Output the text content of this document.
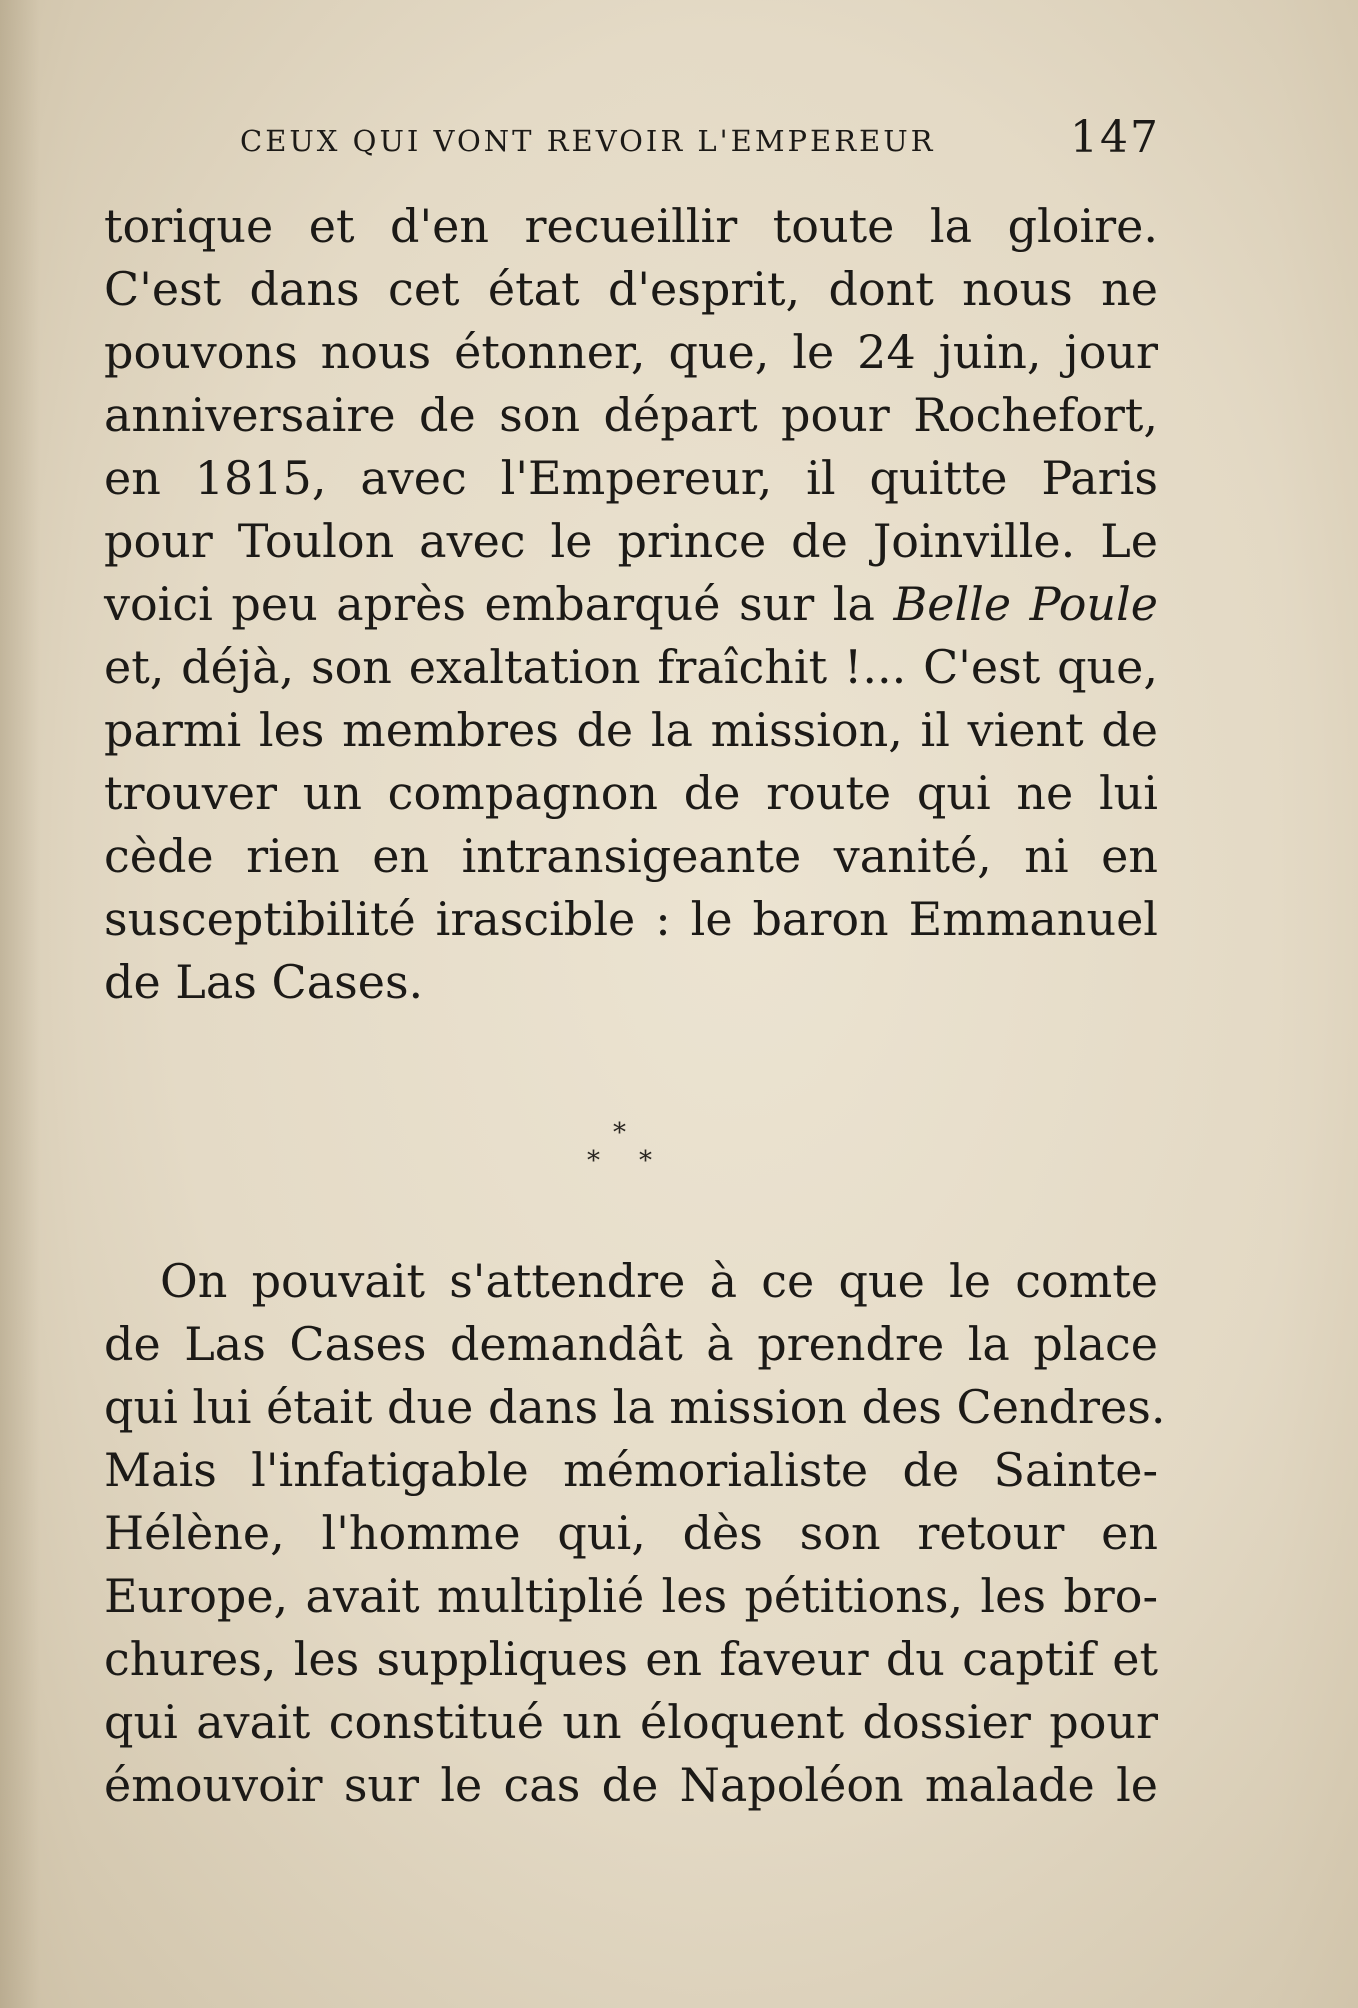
CEUX QUI VONT REVOIR L'EMPEREUR	147
torique et d'en recueillir toute la gloire.
C'est dans cet état d'esprit, dont nous ne
pouvons nous étonner, que, le 24 juin, jour
anniversaire de son départ pour Rochefort,
en 1815, avec l'Empereur, il quitte Paris
pour Toulon avec le prince de Joinville. Le
voici peu après embarqué sur la Belle Poule
et, déjà, son exaltation fraîchit !... C'est que,
parmi les membres de la mission, il vient de
trouver un compagnon de route qui ne lui
cède rien en intransigeante vanité, ni en
susceptibilité irascible : le baron Emmanuel
de Las Cases.
*
* *
On pouvait s'attendre à ce que le comte
de Las Cases demandât à prendre la place
qui lui était due dans la mission des Cendres.
Mais l'infatigable mémorialiste de Sainte-
Hélène, l'homme qui, dès son retour en
Europe, avait multiplié les pétitions, les bro-
chures, les suppliques en faveur du captif et
qui avait constitué un éloquent dossier pour
émouvoir sur le cas de Napoléon malade le
